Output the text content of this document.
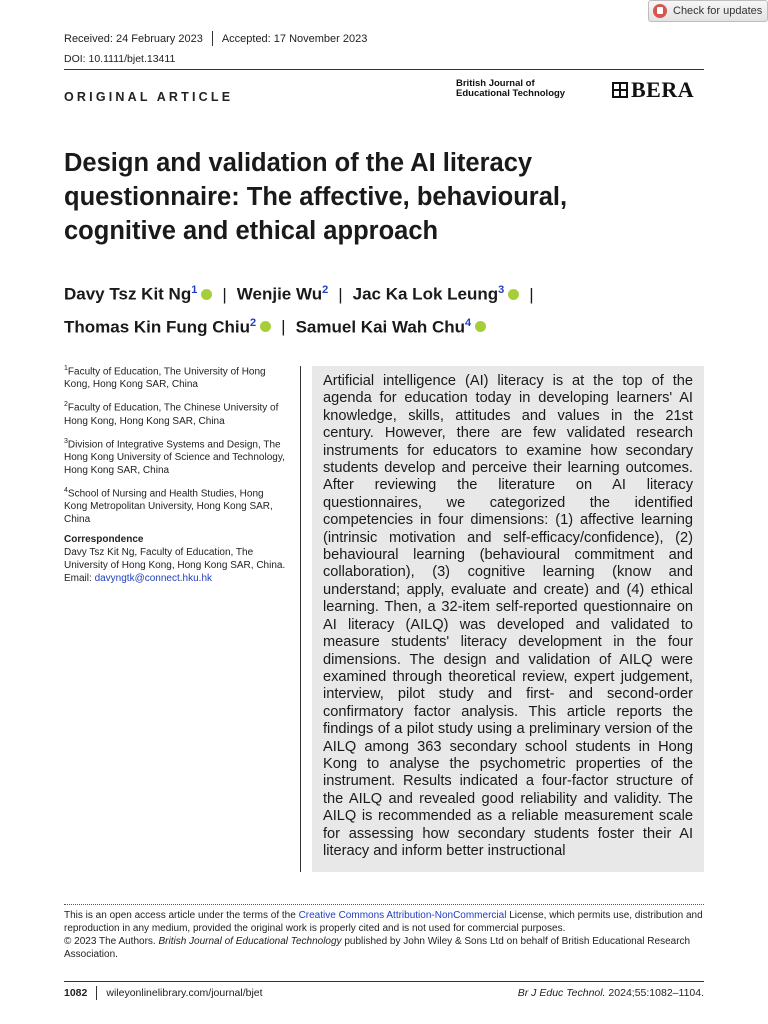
Check for updates
Received: 24 February 2023 Accepted: 17 November 2023
DOI: 10.1111/bjet.13411
ORIGINAL ARTICLE
British Journal of
Educational Technology	BERA
Design and validation of the AI literacy questionnaire: The affective, behavioural, cognitive and ethical approach
Davy Tsz Kit Ng$^1$ | Wenjie Wu$^2$ | Jac Ka Lok Leung$^3$ |
Thomas Kin Fung Chiu$^2$ | Samuel Kai Wah Chu$^4$

$^1$Faculty of Education, The University of Hong Kong, Hong Kong SAR, China

$^2$Faculty of Education, The Chinese University of Hong Kong, Hong Kong SAR, China

$^3$Division of Integrative Systems and Design, The Hong Kong University of Science and Technology, Hong Kong SAR, China

$^4$School of Nursing and Health Studies, Hong Kong Metropolitan University, Hong Kong SAR, China

Correspondence
Davy Tsz Kit Ng, Faculty of Education, The University of Hong Kong, Hong Kong SAR, China.
Email: davyngtk@connect.hku.hk
Artificial intelligence (AI) literacy is at the top of the agenda for education today in developing learners' AI knowledge, skills, attitudes and values in the 21st century. However, there are few validated research instruments for educators to examine how secondary students develop and perceive their learning outcomes. After reviewing the literature on AI literacy questionnaires, we categorized the identified competencies in four dimensions: (1) affective learning (intrinsic motivation and self-efficacy/confidence), (2) behavioural learning (behavioural commitment and collaboration), (3) cognitive learning (know and understand; apply, evaluate and create) and (4) ethical learning. Then, a 32-item self-reported questionnaire on AI literacy (AILQ) was developed and validated to measure students' literacy development in the four dimensions. The design and validation of AILQ were examined through theoretical review, expert judgement, interview, pilot study and first- and second-order confirmatory factor analysis. This article reports the findings of a pilot study using a preliminary version of the AILQ among 363 secondary school students in Hong Kong to analyse the psychometric properties of the instrument. Results indicated a four-factor structure of the AILQ and revealed good reliability and validity. The AILQ is recommended as a reliable measurement scale for assessing how secondary students foster their AI literacy and inform better instructional
This is an open access article under the terms of the Creative Commons Attribution-NonCommercial License, which permits use, distribution and reproduction in any medium, provided the original work is properly cited and is not used for commercial purposes.
© 2023 The Authors. British Journal of Educational Technology published by John Wiley & Sons Ltd on behalf of British Educational Research Association.
1082 wileyonlinelibrary.com/journal/bjet	Br J Educ Technol. 2024;55:1082–1104.
